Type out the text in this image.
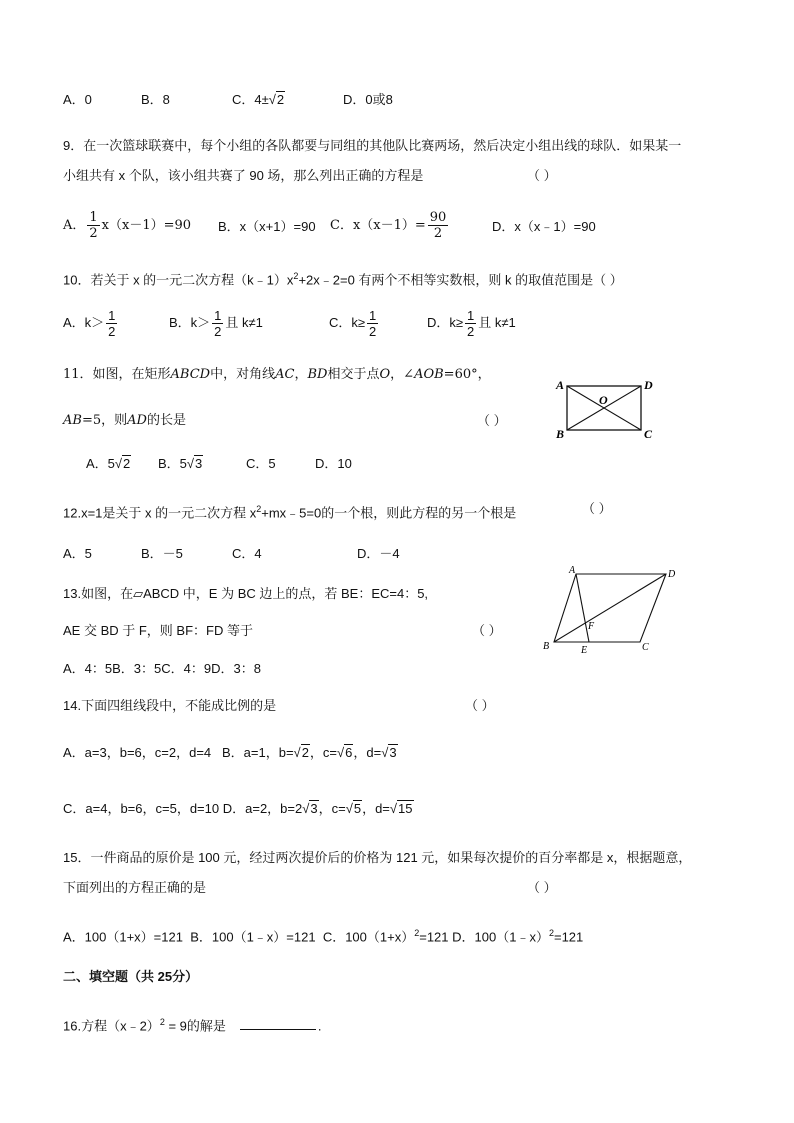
A．0	B．8	C．4±√2	D．0或8
9．在一次篮球联赛中，每个小组的各队都要与同组的其他队比赛两场，然后决定小组出线的球队．如果某一
小组共有 x 个队，该小组共赛了 90 场，那么列出正确的方程是	（ ）
A． $\frac{1}{2} x(x-1)=90$ B．x（x+1）=90 C．$x(x-1)= \frac{90}{2}$	D．x（x﹣1）=90
10．若关于 x 的一元二次方程$(k﹣1)x^2+2x﹣2=0$ 有两个不相等实数根，则 k 的取值范围是（ ）
A．$k> \frac{1}{2}$	B．$k> \frac{1}{2}$ 且 k≠1	C．$k\ge \frac{1}{2}$	D．$k\ge \frac{1}{2}$ 且 k≠1
11．如图，在矩形ABCD中，对角线AC，BD相交于点O，∠AOB=60°，
AB=5，则AD的长是	（ ）
A．5√2 B．5√3	C．5	D．10
A	D
B	C
O
12.x=1是关于 x 的一元二次方程 $x^2+mx﹣5=0$的一个根，则此方程的另一个根是	（ ）
A．5	B．－5	C．4	D．－4
13.如图，在▱ABCD 中，E 为 BC 边上的点，若 BE：EC=4：5,
AE 交 BD 于 F，则 BF：FD 等于	（ ）
A．4：5B．3：5C．4：9D．3：8
A	D
B	C
E
F
14.下面四组线段中，不能成比例的是	（ ）
A．a=3，b=6，c=2，d=4 B．a=1，b=√2，c=√6，d=√3
C．a=4，b=6，c=5，d=10 D．a=2，b=2√3，c=√5，d=√15
15．一件商品的原价是 100 元，经过两次提价后的价格为 121 元，如果每次提价的百分率都是 x，根据题意，
下面列出的方程正确的是	（ ）
A．100（1+x）=121 B．100（1﹣x）=121 C．$100(1+x)^2=121$ D．100（1﹣x）$^2$=121
二、填空题（共 25分）
16.方程（x﹣2）$^2$ = 9的解是	.
